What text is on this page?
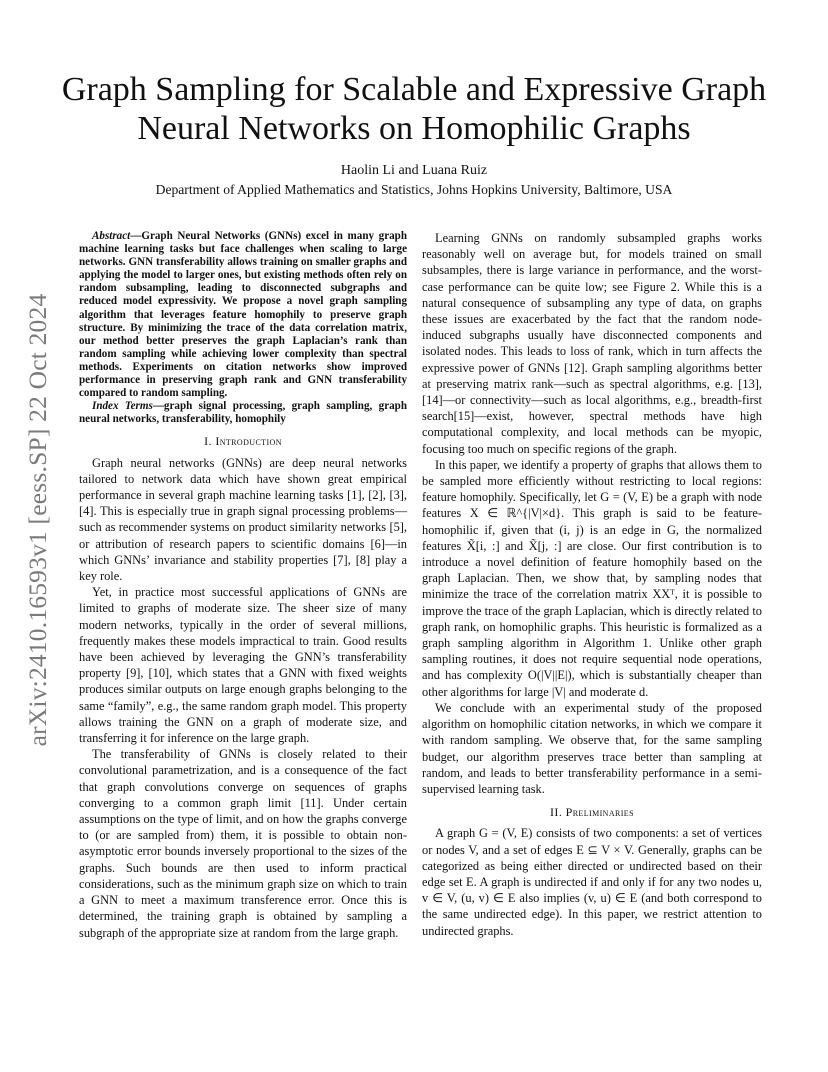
arXiv:2410.16593v1 [eess.SP] 22 Oct 2024
Graph Sampling for Scalable and Expressive Graph Neural Networks on Homophilic Graphs
Haolin Li and Luana Ruiz
Department of Applied Mathematics and Statistics, Johns Hopkins University, Baltimore, USA

Abstract—Graph Neural Networks (GNNs) excel in many graph machine learning tasks but face challenges when scaling to large networks. GNN transferability allows training on smaller graphs and applying the model to larger ones, but existing methods often rely on random subsampling, leading to disconnected subgraphs and reduced model expressivity. We propose a novel graph sampling algorithm that leverages feature homophily to preserve graph structure. By minimizing the trace of the data correlation matrix, our method better preserves the graph Laplacian’s rank than random sampling while achieving lower complexity than spectral methods. Experiments on citation networks show improved performance in preserving graph rank and GNN transferability compared to random sampling.

Index Terms—graph signal processing, graph sampling, graph neural networks, transferability, homophily

I. Introduction

Graph neural networks (GNNs) are deep neural networks tailored to network data which have shown great empirical performance in several graph machine learning tasks [1], [2], [3], [4]. This is especially true in graph signal processing problems—such as recommender systems on product similarity networks [5], or attribution of research papers to scientific domains [6]—in which GNNs’ invariance and stability properties [7], [8] play a key role.

Yet, in practice most successful applications of GNNs are limited to graphs of moderate size. The sheer size of many modern networks, typically in the order of several millions, frequently makes these models impractical to train. Good results have been achieved by leveraging the GNN’s transferability property [9], [10], which states that a GNN with fixed weights produces similar outputs on large enough graphs belonging to the same “family”, e.g., the same random graph model. This property allows training the GNN on a graph of moderate size, and transferring it for inference on the large graph.

The transferability of GNNs is closely related to their convolutional parametrization, and is a consequence of the fact that graph convolutions converge on sequences of graphs converging to a common graph limit [11]. Under certain assumptions on the type of limit, and on how the graphs converge to (or are sampled from) them, it is possible to obtain non-asymptotic error bounds inversely proportional to the sizes of the graphs. Such bounds are then used to inform practical considerations, such as the minimum graph size on which to train a GNN to meet a maximum transference error. Once this is determined, the training graph is obtained by sampling a subgraph of the appropriate size at random from the large graph.

Learning GNNs on randomly subsampled graphs works reasonably well on average but, for models trained on small subsamples, there is large variance in performance, and the worst-case performance can be quite low; see Figure 2. While this is a natural consequence of subsampling any type of data, on graphs these issues are exacerbated by the fact that the random node-induced subgraphs usually have disconnected components and isolated nodes. This leads to loss of rank, which in turn affects the expressive power of GNNs [12]. Graph sampling algorithms better at preserving matrix rank—such as spectral algorithms, e.g. [13], [14]—or connectivity—such as local algorithms, e.g., breadth-first search[15]—exist, however, spectral methods have high computational complexity, and local methods can be myopic, focusing too much on specific regions of the graph.

In this paper, we identify a property of graphs that allows them to be sampled more efficiently without restricting to local regions: feature homophily. Specifically, let G = (V, E) be a graph with node features X ∈ ℝ^{|V|×d}. This graph is said to be feature-homophilic if, given that (i, j) is an edge in G, the normalized features X̃[i, :] and X̃[j, :] are close. Our first contribution is to introduce a novel definition of feature homophily based on the graph Laplacian. Then, we show that, by sampling nodes that minimize the trace of the correlation matrix XXᵀ, it is possible to improve the trace of the graph Laplacian, which is directly related to graph rank, on homophilic graphs. This heuristic is formalized as a graph sampling algorithm in Algorithm 1. Unlike other graph sampling routines, it does not require sequential node operations, and has complexity O(|V||E|), which is substantially cheaper than other algorithms for large |V| and moderate d.

We conclude with an experimental study of the proposed algorithm on homophilic citation networks, in which we compare it with random sampling. We observe that, for the same sampling budget, our algorithm preserves trace better than sampling at random, and leads to better transferability performance in a semi-supervised learning task.

II. Preliminaries

A graph G = (V, E) consists of two components: a set of vertices or nodes V, and a set of edges E ⊆ V × V. Generally, graphs can be categorized as being either directed or undirected based on their edge set E. A graph is undirected if and only if for any two nodes u, v ∈ V, (u, v) ∈ E also implies (v, u) ∈ E (and both correspond to the same undirected edge). In this paper, we restrict attention to undirected graphs.
